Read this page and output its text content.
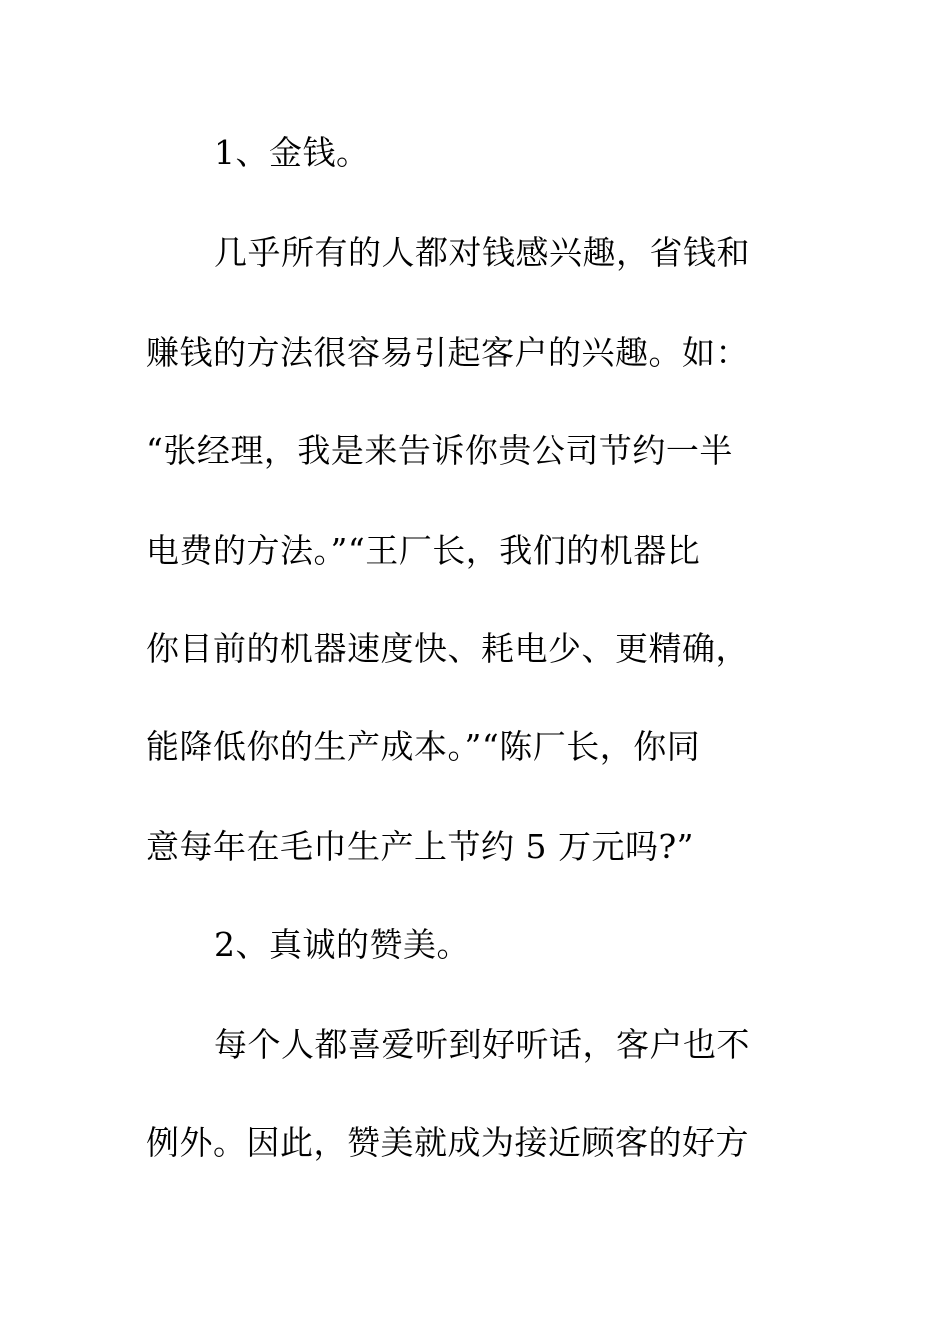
1、金钱。
几乎所有的人都对钱感兴趣，省钱和
赚钱的方法很容易引起客户的兴趣。如：
“张经理，我是来告诉你贵公司节约一半
电费的方法。”“王厂长，我们的机器比
你目前的机器速度快、耗电少、更精确，
能降低你的生产成本。”“陈厂长，你同
意每年在毛巾生产上节约 5 万元吗?”
2、真诚的赞美。
每个人都喜爱听到好听话，客户也不
例外。因此，赞美就成为接近顾客的好方
